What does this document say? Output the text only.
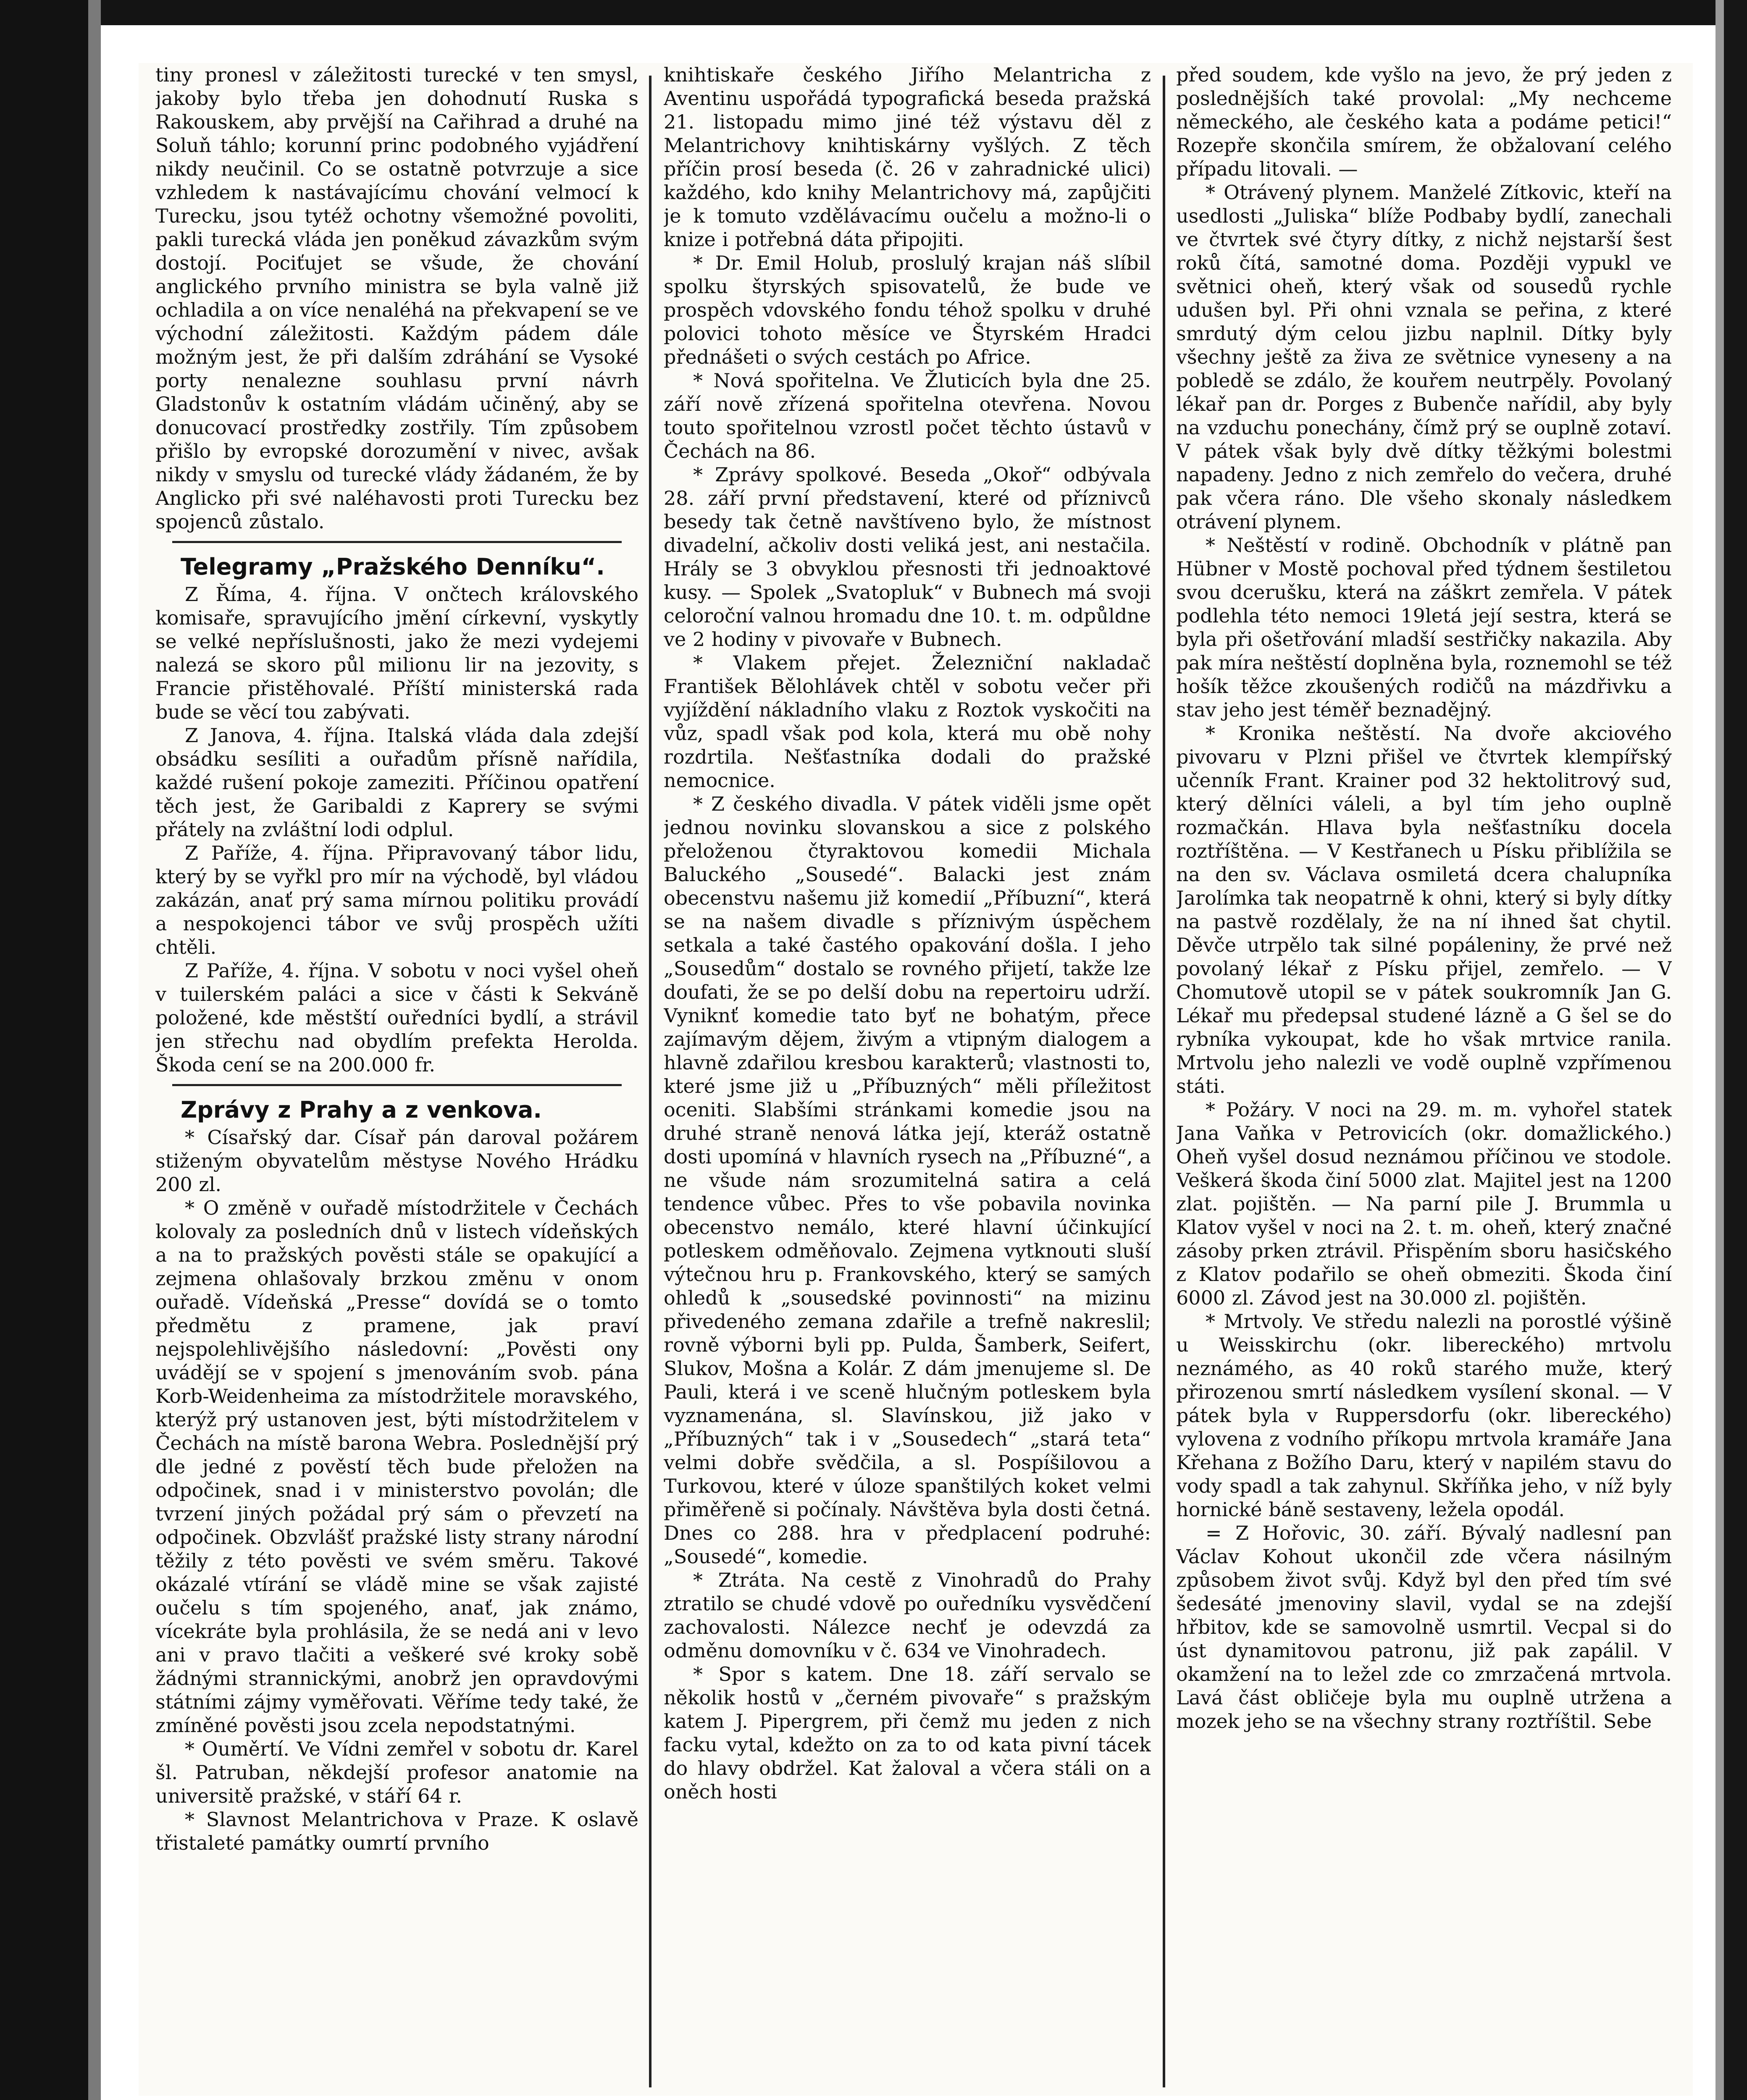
tiny pronesl v záležitosti turecké v ten smysl, jakoby bylo třeba jen dohodnutí Ruska s Rakouskem, aby prvější na Cařihrad a druhé na Soluň táhlo; korunní princ podobného vyjádření nikdy neučinil. Co se ostatně potvrzuje a sice vzhledem k nastávajícímu chování velmocí k Turecku, jsou tytéž ochotny všemožné povoliti, pakli turecká vláda jen poněkud závazkům svým dostojí. Pociťujet se všude, že chování anglického prvního ministra se byla valně již ochladila a on více nenaléhá na překvapení se ve východní záležitosti. Každým pádem dále možným jest, že při dalším zdráhání se Vysoké porty nenalezne souhlasu první návrh Gladstonův k ostatním vládám učiněný, aby se donucovací prostředky zostřily. Tím způsobem přišlo by evropské dorozumění v nivec, avšak nikdy v smyslu od turecké vlády žádaném, že by Anglicko při své naléhavosti proti Turecku bez spojenců zůstalo.

Telegramy „Pražského Denníku“.

Z Říma, 4. října. V ončtech královského komisaře, spravujícího jmění církevní, vyskytly se velké nepříslušnosti, jako že mezi vydejemi nalezá se skoro půl milionu lir na jezovity, s Francie přistěhovalé. Příští ministerská rada bude se věcí tou zabývati.

Z Janova, 4. října. Italská vláda dala zdejší obsádku sesíliti a ouřadům přísně nařídila, každé rušení pokoje zameziti. Příčinou opatření těch jest, že Garibaldi z Kaprery se svými přátely na zvláštní lodi odplul.

Z Paříže, 4. října. Připravovaný tábor lidu, který by se vyřkl pro mír na východě, byl vládou zakázán, anať prý sama mírnou politiku provádí a nespokojenci tábor ve svůj prospěch užíti chtěli.

Z Paříže, 4. října. V sobotu v noci vyšel oheň v tuilerském paláci a sice v části k Sekváně položené, kde městští ouředníci bydlí, a strávil jen střechu nad obydlím prefekta Herolda. Škoda cení se na 200.000 fr.

Zprávy z Prahy a z venkova.

* Císařský dar. Císař pán daroval požárem stiženým obyvatelům městyse Nového Hrádku 200 zl.

* O změně v ouřadě místodržitele v Čechách kolovaly za posledních dnů v listech vídeňských a na to pražských pověsti stále se opakující a zejmena ohlašovaly brzkou změnu v onom ouřadě. Vídeňská „Presse“ dovídá se o tomto předmětu z pramene, jak praví nejspolehlivějšího následovní: „Pověsti ony uvádějí se v spojení s jmenováním svob. pána Korb-Weidenheima za místodržitele moravského, kterýž prý ustanoven jest, býti místodržitelem v Čechách na místě barona Webra. Poslednější prý dle jedné z pověstí těch bude přeložen na odpočinek, snad i v ministerstvo povolán; dle tvrzení jiných požádal prý sám o převzetí na odpočinek. Obzvlášť pražské listy strany národní těžily z této pověsti ve svém směru. Takové okázalé vtírání se vládě mine se však zajisté oučelu s tím spojeného, anať, jak známo, vícekráte byla prohlásila, že se nedá ani v levo ani v pravo tlačiti a veškeré své kroky sobě žádnými strannickými, anobrž jen opravdovými státními zájmy vyměřovati. Věříme tedy také, že zmíněné pověsti jsou zcela nepodstatnými.

* Ouměrtí. Ve Vídni zemřel v sobotu dr. Karel šl. Patruban, někdejší profesor anatomie na universitě pražské, v stáří 64 r.

* Slavnost Melantrichova v Praze. K oslavě třistaleté památky oumrtí prvního

knihtiskaře českého Jiřího Melantricha z Aventinu uspořádá typografická beseda pražská 21. listopadu mimo jiné též výstavu děl z Melantrichovy knihtiskárny vyšlých. Z těch příčin prosí beseda (č. 26 v zahradnické ulici) každého, kdo knihy Melantrichovy má, zapůjčiti je k tomuto vzdělávacímu oučelu a možno-li o knize i potřebná dáta připojiti.

* Dr. Emil Holub, proslulý krajan náš slíbil spolku štyrských spisovatelů, že bude ve prospěch vdovského fondu téhož spolku v druhé polovici tohoto měsíce ve Štyrském Hradci přednášeti o svých cestách po Africe.

* Nová spořitelna. Ve Žluticích byla dne 25. září nově zřízená spořitelna otevřena. Novou touto spořitelnou vzrostl počet těchto ústavů v Čechách na 86.

* Zprávy spolkové. Beseda „Okoř“ odbývala 28. září první představení, které od příznivců besedy tak četně navštíveno bylo, že místnost divadelní, ačkoliv dosti veliká jest, ani nestačila. Hrály se 3 obvyklou přesnosti tři jednoaktové kusy. — Spolek „Svatopluk“ v Bubnech má svoji celoroční valnou hromadu dne 10. t. m. odpůldne ve 2 hodiny v pivovaře v Bubnech.

* Vlakem přejet. Železniční nakladač František Bělohlávek chtěl v sobotu večer při vyjíždění nákladního vlaku z Roztok vyskočiti na vůz, spadl však pod kola, která mu obě nohy rozdrtila. Nešťastníka dodali do pražské nemocnice.

* Z českého divadla. V pátek viděli jsme opět jednou novinku slovanskou a sice z polského přeloženou čtyraktovou komedii Michala Baluckého „Sousedé“. Balacki jest znám obecenstvu našemu již komedií „Příbuzní“, která se na našem divadle s příznivým úspěchem setkala a také častého opakování došla. I jeho „Sousedům“ dostalo se rovného přijetí, takže lze doufati, že se po delší dobu na repertoiru udrží. Vyniknť komedie tato byť ne bohatým, přece zajímavým dějem, živým a vtipným dialogem a hlavně zdařilou kresbou karakterů; vlastnosti to, které jsme již u „Příbuzných“ měli příležitost oceniti. Slabšími stránkami komedie jsou na druhé straně nenová látka její, kteráž ostatně dosti upomíná v hlavních rysech na „Příbuzné“, a ne všude nám srozumitelná satira a celá tendence vůbec. Přes to vše pobavila novinka obecenstvo nemálo, které hlavní účinkující potleskem odměňovalo. Zejmena vytknouti sluší výtečnou hru p. Frankovského, který se samých ohledů k „sousedské povinnosti“ na mizinu přivedeného zemana zdařile a trefně nakreslil; rovně výborni byli pp. Pulda, Šamberk, Seifert, Slukov, Mošna a Kolár. Z dám jmenujeme sl. De Pauli, která i ve sceně hlučným potleskem byla vyznamenána, sl. Slavínskou, již jako v „Příbuzných“ tak i v „Sousedech“ „stará teta“ velmi dobře svědčila, a sl. Pospíšilovou a Turkovou, které v úloze spanštilých koket velmi přiměřeně si počínaly. Návštěva byla dosti četná. Dnes co 288. hra v předplacení podruhé: „Sousedé“, komedie.

* Ztráta. Na cestě z Vinohradů do Prahy ztratilo se chudé vdově po ouředníku vysvědčení zachovalosti. Nálezce nechť je odevzdá za odměnu domovníku v č. 634 ve Vinohradech.

* Spor s katem. Dne 18. září servalo se několik hostů v „černém pivovaře“ s pražským katem J. Pipergrem, při čemž mu jeden z nich facku vytal, kdežto on za to od kata pivní tácek do hlavy obdržel. Kat žaloval a včera stáli on a oněch hosti

před soudem, kde vyšlo na jevo, že prý jeden z poslednějších také provolal: „My nechceme německého, ale českého kata a podáme petici!“ Rozepře skončila smírem, že obžalovaní celého případu litovali. —

* Otrávený plynem. Manželé Zítkovic, kteří na usedlosti „Juliska“ blíže Podbaby bydlí, zanechali ve čtvrtek své čtyry dítky, z nichž nejstarší šest roků čítá, samotné doma. Později vypukl ve světnici oheň, který však od sousedů rychle udušen byl. Při ohni vznala se peřina, z které smrdutý dým celou jizbu naplnil. Dítky byly všechny ještě za živa ze světnice vyneseny a na pobledě se zdálo, že kouřem neutrpěly. Povolaný lékař pan dr. Porges z Bubenče nařídil, aby byly na vzduchu ponechány, čímž prý se ouplně zotaví. V pátek však byly dvě dítky těžkými bolestmi napadeny. Jedno z nich zemřelo do večera, druhé pak včera ráno. Dle všeho skonaly následkem otrávení plynem.

* Neštěstí v rodině. Obchodník v plátně pan Hübner v Mostě pochoval před týdnem šestiletou svou dcerušku, která na záškrt zemřela. V pátek podlehla této nemoci 19letá její sestra, která se byla při ošetřování mladší sestřičky nakazila. Aby pak míra neštěstí doplněna byla, roznemohl se též hošík těžce zkoušených rodičů na mázdřivku a stav jeho jest téměř beznadějný.

* Kronika neštěstí. Na dvoře akciového pivovaru v Plzni přišel ve čtvrtek klempířský učenník Frant. Krainer pod 32 hektolitrový sud, který dělníci váleli, a byl tím jeho ouplně rozmačkán. Hlava byla nešťastníku docela roztříštěna. — V Kestřanech u Písku přiblížila se na den sv. Václava osmiletá dcera chalupníka Jarolímka tak neopatrně k ohni, který si byly dítky na pastvě rozdělaly, že na ní ihned šat chytil. Děvče utrpělo tak silné popáleniny, že prvé než povolaný lékař z Písku přijel, zemřelo. — V Chomutově utopil se v pátek soukromník Jan G. Lékař mu předepsal studené lázně a G šel se do rybníka vykoupat, kde ho však mrtvice ranila. Mrtvolu jeho nalezli ve vodě ouplně vzpřímenou státi.

* Požáry. V noci na 29. m. m. vyhořel statek Jana Vaňka v Petrovicích (okr. domažlického.) Oheň vyšel dosud neznámou příčinou ve stodole. Veškerá škoda činí 5000 zlat. Majitel jest na 1200 zlat. pojištěn. — Na parní pile J. Brummla u Klatov vyšel v noci na 2. t. m. oheň, který značné zásoby prken ztrávil. Přispěním sboru hasičského z Klatov podařilo se oheň obmeziti. Škoda činí 6000 zl. Závod jest na 30.000 zl. pojištěn.

* Mrtvoly. Ve středu nalezli na porostlé výšině u Weisskirchu (okr. libereckého) mrtvolu neznámého, as 40 roků starého muže, který přirozenou smrtí následkem vysílení skonal. — V pátek byla v Ruppersdorfu (okr. libereckého) vylovena z vodního příkopu mrtvola kramáře Jana Křehana z Božího Daru, který v napilém stavu do vody spadl a tak zahynul. Skříňka jeho, v níž byly hornické báně sestaveny, ležela opodál.

= Z Hořovic, 30. září. Bývalý nadlesní pan Václav Kohout ukončil zde včera násilným způsobem život svůj. Když byl den před tím své šedesáté jmenoviny slavil, vydal se na zdejší hřbitov, kde se samovolně usmrtil. Vecpal si do úst dynamitovou patronu, již pak zapálil. V okamžení na to ležel zde co zmrzačená mrtvola. Lavá část obličeje byla mu ouplně utržena a mozek jeho se na všechny strany roztříštil. Sebe
